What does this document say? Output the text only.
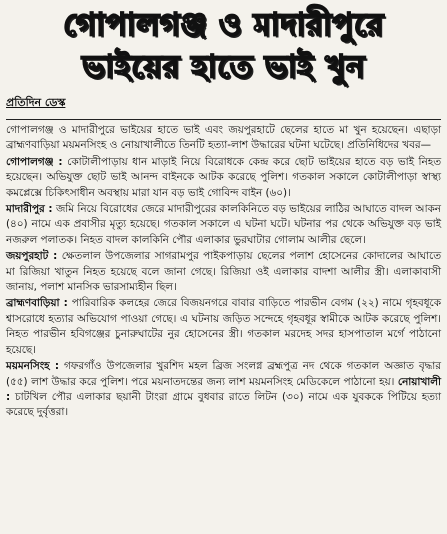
গোপালগঞ্জ ও মাদারীপুরে
ভাইয়ের হাতে ভাই খুন
প্রতিদিন ডেস্ক

গোপালগঞ্জ ও মাদারীপুরে ভাইয়ের হাতে ভাই এবং জয়পুরহাটে ছেলের হাতে মা খুন হয়েছেন। এছাড়া ব্রাহ্মণবাড়িয়া ময়মনসিংহ ও নোয়াখালীতে তিনটি হত্যা-লাশ উদ্ধারের ঘটনা ঘটেছে। প্রতিনিধিদের খবর—

গোপালগঞ্জ : কোটালীপাড়ায় ধান মাড়াই নিয়ে বিরোধকে কেন্দ্র করে ছোট ভাইয়ের হাতে বড় ভাই নিহত হয়েছেন। অভিযুক্ত ছোট ভাই আনন্দ বাইনকে আটক করেছে পুলিশ। গতকাল সকালে কোটালীপাড়া স্বাস্থ্য কমপ্লেক্সে চিকিৎসাধীন অবস্থায় মারা যান বড় ভাই গোবিন্দ বাইন (৬০)।

মাদারীপুর : জমি নিয়ে বিরোধের জেরে মাদারীপুরের কালকিনিতে বড় ভাইয়ের লাঠির আঘাতে বাদল আকন (৪০) নামে এক প্রবাসীর মৃত্যু হয়েছে। গতকাল সকালে এ ঘটনা ঘটে। ঘটনার পর থেকে অভিযুক্ত বড় ভাই নজরুল পলাতক। নিহত বাদল কালকিনি পৌর এলাকার ভুরঘাটার গোলাম আলীর ছেলে।

জয়পুরহাট : ক্ষেতলাল উপজেলার সাগরামপুর পাইকপাড়ায় ছেলের পলাশ হোসেনের কোদালের আঘাতে মা রিজিয়া খাতুন নিহত হয়েছে বলে জানা গেছে। রিজিয়া ওই এলাকার বাদশা আলীর স্ত্রী। এলাকাবাসী জানায়, পলাশ মানসিক ভারসাম্যহীন ছিল।

ব্রাহ্মণবাড়িয়া : পারিবারিক কলহের জেরে বিজয়নগরে বাবার বাড়িতে পারভীন বেগম (২২) নামে গৃহবধূকে শ্বাসরোধে হত্যার অভিযোগ পাওয়া গেছে। এ ঘটনায় জড়িত সন্দেহে গৃহবধূর স্বামীকে আটক করেছে পুলিশ। নিহত পারভীন হবিগঞ্জের চুনারুঘাটের নুর হোসেনের স্ত্রী। গতকাল মরদেহ সদর হাসপাতাল মর্গে পাঠানো হয়েছে।

ময়মনসিংহ : গফরগাঁও উপজেলার খুরশিদ মহল ব্রিজ সংলগ্ন ব্রহ্মপুত্র নদ থেকে গতকাল অজ্ঞাত বৃদ্ধার (৫৫) লাশ উদ্ধার করে পুলিশ। পরে ময়নাতদন্তের জন্য লাশ ময়মনসিংহ মেডিকেলে পাঠানো হয়। নোয়াখালী : চাটখিল পৌর এলাকার ছয়ানী টাংরা গ্রামে বুধবার রাতে লিটন (৩০) নামে এক যুবককে পিটিয়ে হত্যা করেছে দুর্বৃত্তরা।
